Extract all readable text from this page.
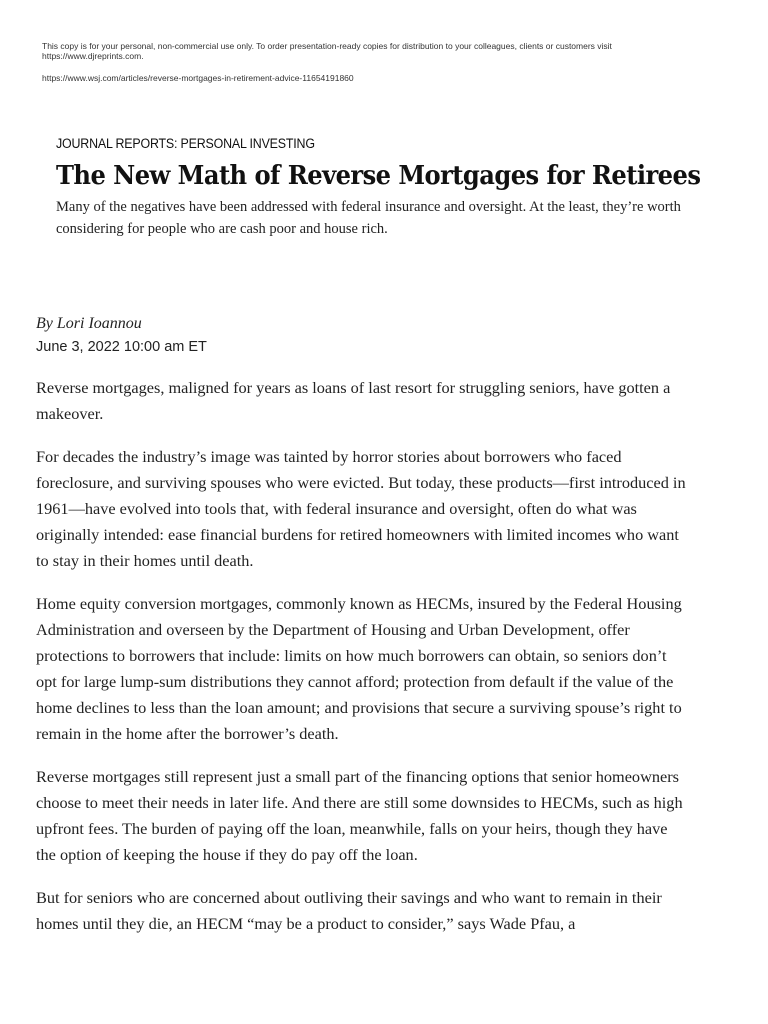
This copy is for your personal, non-commercial use only. To order presentation-ready copies for distribution to your colleagues, clients or customers visit https://www.djreprints.com.
https://www.wsj.com/articles/reverse-mortgages-in-retirement-advice-11654191860
JOURNAL REPORTS: PERSONAL INVESTING
The New Math of Reverse Mortgages for Retirees
Many of the negatives have been addressed with federal insurance and oversight. At the least, they’re worth considering for people who are cash poor and house rich.
By Lori Ioannou
June 3, 2022 10:00 am ET

Reverse mortgages, maligned for years as loans of last resort for struggling seniors, have gotten a makeover.

For decades the industry’s image was tainted by horror stories about borrowers who faced foreclosure, and surviving spouses who were evicted. But today, these products—first introduced in 1961—have evolved into tools that, with federal insurance and oversight, often do what was originally intended: ease financial burdens for retired homeowners with limited incomes who want to stay in their homes until death.

Home equity conversion mortgages, commonly known as HECMs, insured by the Federal Housing Administration and overseen by the Department of Housing and Urban Development, offer protections to borrowers that include: limits on how much borrowers can obtain, so seniors don’t opt for large lump-sum distributions they cannot afford; protection from default if the value of the home declines to less than the loan amount; and provisions that secure a surviving spouse’s right to remain in the home after the borrower’s death.

Reverse mortgages still represent just a small part of the financing options that senior homeowners choose to meet their needs in later life. And there are still some downsides to HECMs, such as high upfront fees. The burden of paying off the loan, meanwhile, falls on your heirs, though they have the option of keeping the house if they do pay off the loan.

But for seniors who are concerned about outliving their savings and who want to remain in their homes until they die, an HECM “may be a product to consider,” says Wade Pfau, a
